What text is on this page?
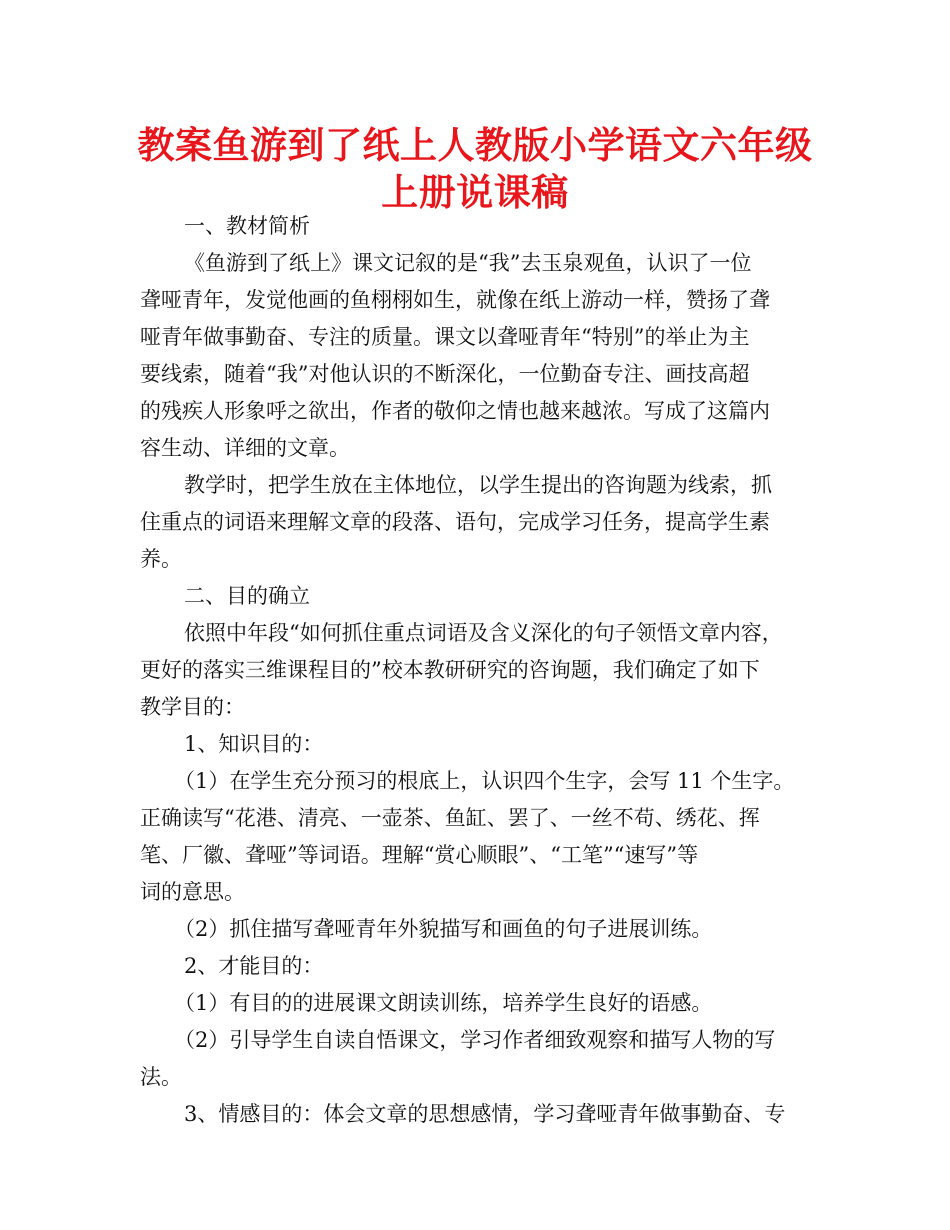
教案鱼游到了纸上人教版小学语文六年级
上册说课稿
一、教材简析
《鱼游到了纸上》课文记叙的是“我”去玉泉观鱼，认识了一位
聋哑青年，发觉他画的鱼栩栩如生，就像在纸上游动一样，赞扬了聋
哑青年做事勤奋、专注的质量。课文以聋哑青年“特别”的举止为主
要线索，随着“我”对他认识的不断深化，一位勤奋专注、画技高超
的残疾人形象呼之欲出，作者的敬仰之情也越来越浓。写成了这篇内
容生动、详细的文章。
教学时，把学生放在主体地位，以学生提出的咨询题为线索，抓
住重点的词语来理解文章的段落、语句，完成学习任务，提高学生素
养。
二、目的确立
依照中年段“如何抓住重点词语及含义深化的句子领悟文章内容，
更好的落实三维课程目的”校本教研研究的咨询题，我们确定了如下
教学目的：
1、知识目的：
（1）在学生充分预习的根底上，认识四个生字，会写 11 个生字。
正确读写“花港、清亮、一壶茶、鱼缸、罢了、一丝不苟、绣花、挥
笔、厂徽、聋哑”等词语。理解“赏心顺眼”、“工笔”“速写”等
词的意思。
（2）抓住描写聋哑青年外貌描写和画鱼的句子进展训练。
2、才能目的：
（1）有目的的进展课文朗读训练，培养学生良好的语感。
（2）引导学生自读自悟课文，学习作者细致观察和描写人物的写
法。
3、情感目的：体会文章的思想感情，学习聋哑青年做事勤奋、专
